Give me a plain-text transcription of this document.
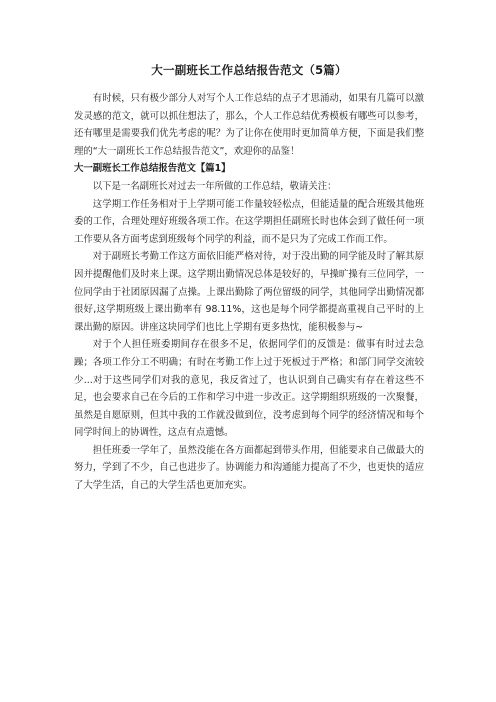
大一副班长工作总结报告范文（5篇）

有时候，只有极少部分人对写个人工作总结的点子才思涌动，如果有几篇可以激发灵感的范文，就可以抓住想法了，那么，个人工作总结优秀模板有哪些可以参考，还有哪里是需要我们优先考虑的呢？为了让你在使用时更加简单方便，下面是我们整理的“大一副班长工作总结报告范文”，欢迎你的品鉴！

大一副班长工作总结报告范文【篇1】

以下是一名副班长对过去一年所做的工作总结，敬请关注：

这学期工作任务相对于上学期可能工作量较轻松点，但能适量的配合班级其他班委的工作，合理处理好班级各项工作。在这学期担任副班长时也体会到了做任何一项工作要从各方面考虑到班级每个同学的利益，而不是只为了完成工作而工作。

对于副班长考勤工作这方面依旧能严格对待，对于没出勤的同学能及时了解其原因并提醒他们及时来上课。这学期出勤情况总体是较好的，早操旷操有三位同学，一位同学由于社团原因漏了点操。上课出勤除了两位留级的同学，其他同学出勤情况都很好,这学期班级上课出勤率有 98.11%，这也是每个同学都提高重视自己平时的上课出勤的原因。讲座这块同学们也比上学期有更多热忱，能积极参与~

对于个人担任班委期间存在很多不足，依据同学们的反馈是：做事有时过去急躁；各项工作分工不明确；有时在考勤工作上过于死板过于严格；和部门同学交流较少...对于这些同学们对我的意见，我反省过了，也认识到自己确实有存在着这些不足，也会要求自己在今后的工作和学习中进一步改正。这学期组织班级的一次聚餐，虽然是自愿原则，但其中我的工作就没做到位，没考虑到每个同学的经济情况和每个同学时间上的协调性，这点有点遗憾。

担任班委一学年了，虽然没能在各方面都起到带头作用，但能要求自己做最大的努力，学到了不少，自己也进步了。协调能力和沟通能力提高了不少，也更快的适应了大学生活，自己的大学生活也更加充实。
